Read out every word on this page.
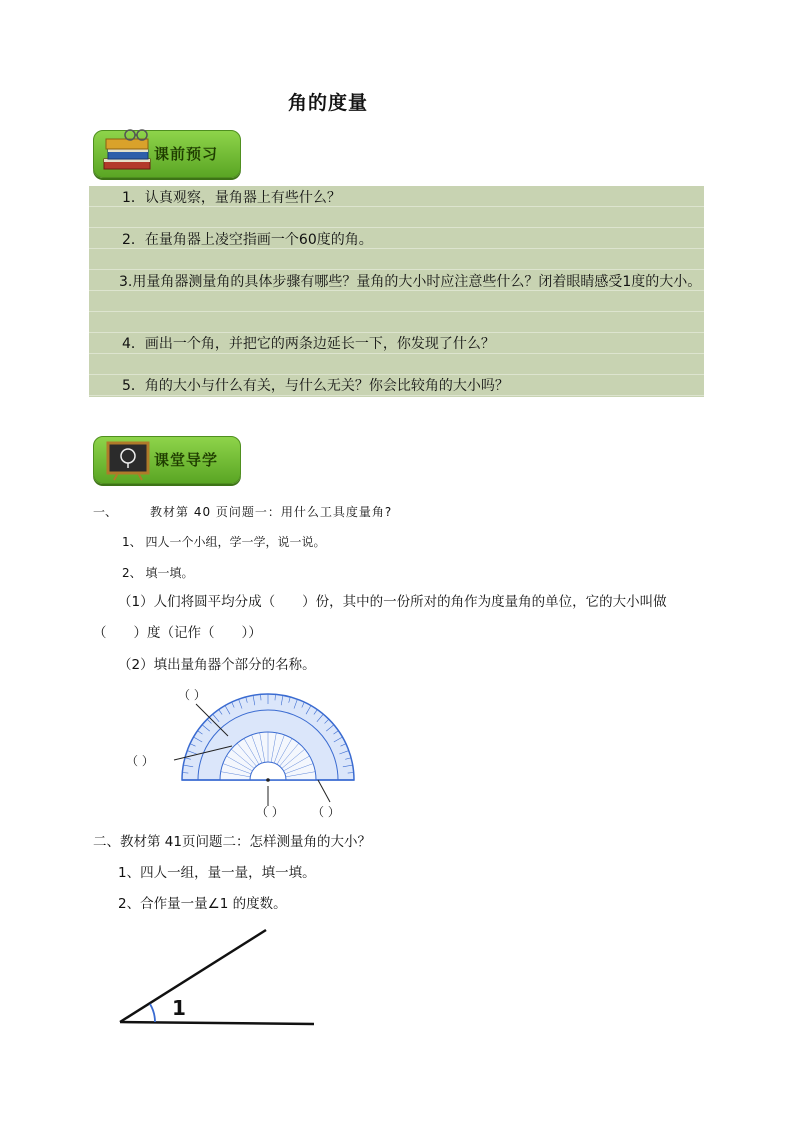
角的度量
课前预习
1．认真观察，量角器上有些什么？
2．在量角器上凌空指画一个60度的角。
3.用量角器测量角的具体步骤有哪些？量角的大小时应注意些什么？闭着眼睛感受1度的大小。
4．画出一个角，并把它的两条边延长一下，你发现了什么？
5．角的大小与什么有关，与什么无关？你会比较角的大小吗？
课堂导学
一、	教材第 40 页问题一：用什么工具度量角?
1、 四人一个小组，学一学，说一说。
2、 填一填。
（1）人们将圆平均分成（　　）份，其中的一份所对的角作为度量角的单位，它的大小叫做
（　　）度（记作（　　））
（2）填出量角器个部分的名称。
（ ）
（ ）
（ ） （ ）
二、教材第 41页问题二：怎样测量角的大小？
1、四人一组，量一量，填一填。
2、合作量一量∠1 的度数。
1
